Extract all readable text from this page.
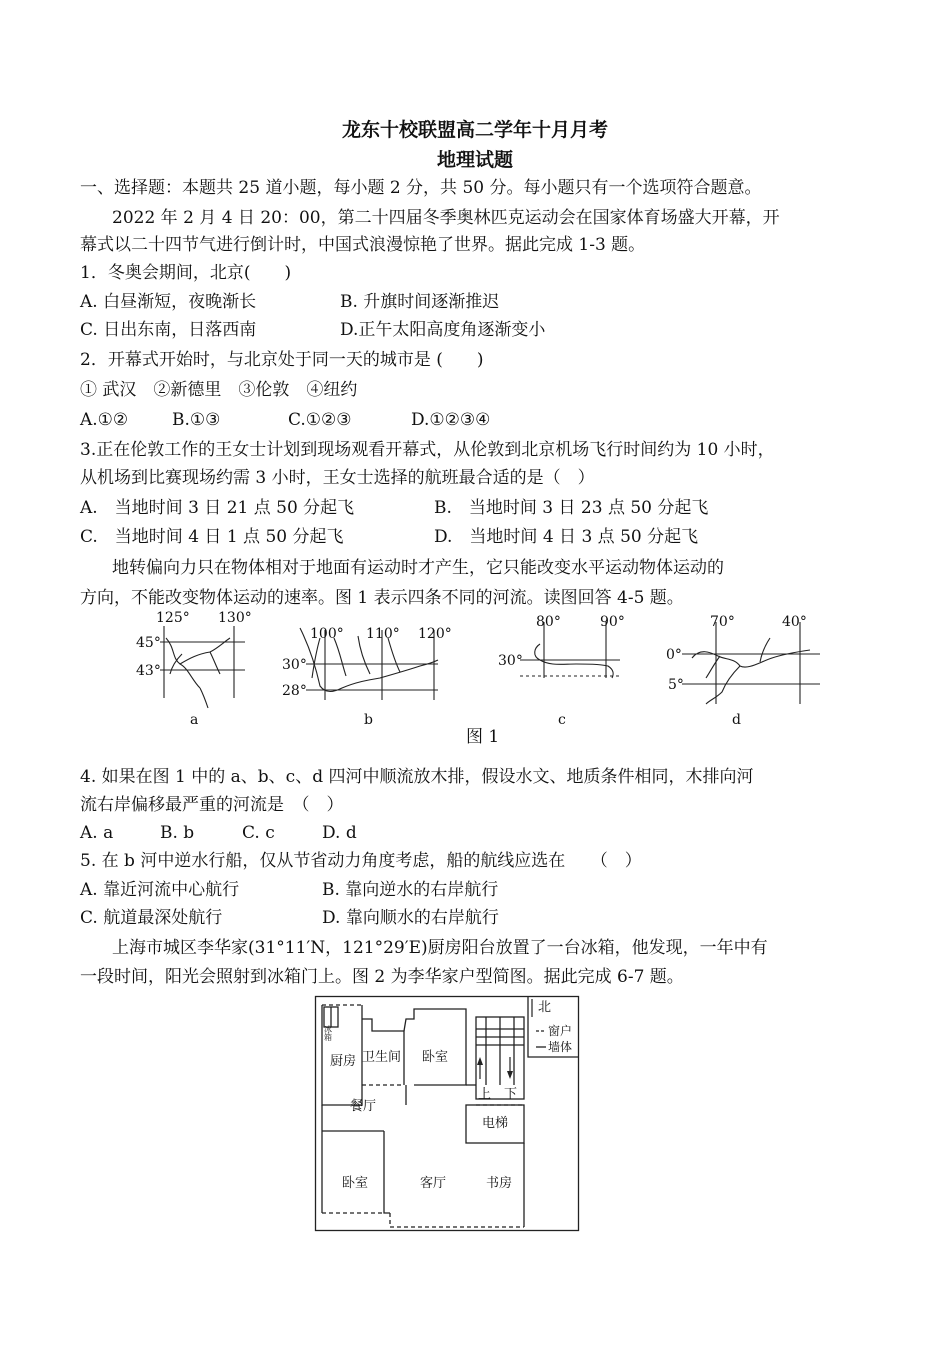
龙东十校联盟高二学年十月月考
地理试题
一、选择题：本题共 25 道小题，每小题 2 分，共 50 分。每小题只有一个选项符合题意。
2022 年 2 月 4 日 20：00，第二十四届冬季奥林匹克运动会在国家体育场盛大开幕，开
幕式以二十四节气进行倒计时，中国式浪漫惊艳了世界。据此完成 1-3 题。
1．冬奥会期间，北京(　　)
A. 白昼渐短，夜晚渐长	B. 升旗时间逐渐推迟
C. 日出东南，日落西南	D.正午太阳高度角逐渐变小
2．开幕式开始时，与北京处于同一天的城市是 (　　)
① 武汉　②新德里　③伦敦　④纽约
A.①②	B.①③	C.①②③	D.①②③④
3.正在伦敦工作的王女士计划到现场观看开幕式，从伦敦到北京机场飞行时间约为 10 小时，
从机场到比赛现场约需 3 小时，王女士选择的航班最合适的是（　）
A.　当地时间 3 日 21 点 50 分起飞	B.　当地时间 3 日 23 点 50 分起飞
C.　当地时间 4 日 1 点 50 分起飞	D.　当地时间 4 日 3 点 50 分起飞
地转偏向力只在物体相对于地面有运动时才产生，它只能改变水平运动物体运动的
方向，不能改变物体运动的速率。图 1 表示四条不同的河流。读图回答 4-5 题。
125° 130°
45°
43°
a
100° 110° 120°
30°
28°
b
80°	90°
30°
c
70°	40°
0°
5°
d
图 1
4. 如果在图 1 中的 a、b、c、d 四河中顺流放木排，假设水文、地质条件相同，木排向河
流右岸偏移最严重的河流是　（　）
A. a	B. b	C. c	D. d
5. 在 b 河中逆水行船，仅从节省动力角度考虑，船的航线应选在　　（　）
A. 靠近河流中心航行	B. 靠向逆水的右岸航行
C. 航道最深处航行	D. 靠向顺水的右岸航行
上海市城区李华家(31°11′N，121°29′E)厨房阳台放置了一台冰箱，他发现，一年中有
一段时间，阳光会照射到冰箱门上。图 2 为李华家户型简图。据此完成 6-7 题。
冰箱
厨房 卫生间 卧室
餐厅
电梯
卧室	客厅	书房
上 下
北
窗户
墙体
